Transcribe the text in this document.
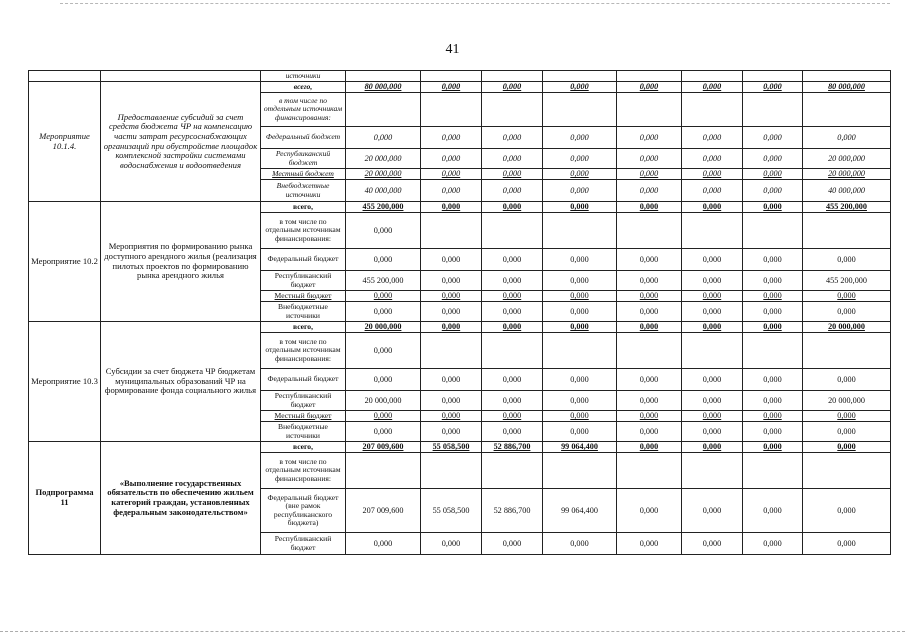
41
		источники								
Мероприятие 10.1.4.	Предоставление субсидий за счет средств бюджета ЧР на компенсацию части затрат ресурсоснабжающих организаций при обустройстве площадок комплексной застройки системами водоснабжения и водоотведения	всего,	80 000,000	0,000	0,000	0,000	0,000	0,000	0,000	80 000,000
		в том числе по отдельным источникам финансирования:								
		Федеральный бюджет	0,000	0,000	0,000	0,000	0,000	0,000	0,000	0,000
		Республиканский бюджет	20 000,000	0,000	0,000	0,000	0,000	0,000	0,000	20 000,000
		Местный бюджет	20 000,000	0,000	0,000	0,000	0,000	0,000	0,000	20 000,000
		Внебюджетные источники	40 000,000	0,000	0,000	0,000	0,000	0,000	0,000	40 000,000
Мероприятие 10.2	Мероприятия по формированию рынка доступного арендного жилья (реализация пилотых проектов по формированию рынка арендного жилья	всего,	455 200,000	0,000	0,000	0,000	0,000	0,000	0,000	455 200,000
		в том числе по отдельным источникам финансирования:	0,000							
		Федеральный бюджет	0,000	0,000	0,000	0,000	0,000	0,000	0,000	0,000
		Республиканский бюджет	455 200,000	0,000	0,000	0,000	0,000	0,000	0,000	455 200,000
		Местный бюджет	0,000	0,000	0,000	0,000	0,000	0,000	0,000	0,000
		Внебюджетные источники	0,000	0,000	0,000	0,000	0,000	0,000	0,000	0,000
Мероприятие 10.3	Субсидии за счет бюджета ЧР бюджетам муниципальных образований ЧР на формирование фонда социального жилья	всего,	20 000,000	0,000	0,000	0,000	0,000	0,000	0,000	20 000,000
		в том числе по отдельным источникам финансирования:	0,000							
		Федеральный бюджет	0,000	0,000	0,000	0,000	0,000	0,000	0,000	0,000
		Республиканский бюджет	20 000,000	0,000	0,000	0,000	0,000	0,000	0,000	20 000,000
		Местный бюджет	0,000	0,000	0,000	0,000	0,000	0,000	0,000	0,000
		Внебюджетные источники	0,000	0,000	0,000	0,000	0,000	0,000	0,000	0,000
Подпрограмма 11	«Выполнение государственных обязательств по обеспечению жильем категорий граждан, установленных федеральным законодательством»	всего,	207 009,600	55 058,500	52 886,700	99 064,400	0,000	0,000	0,000	0,000
		в том числе по отдельным источникам финансирования:								
		Федеральный бюджет (вне рамок республиканского бюджета)	207 009,600	55 058,500	52 886,700	99 064,400	0,000	0,000	0,000	0,000
		Республиканский бюджет	0,000	0,000	0,000	0,000	0,000	0,000	0,000	0,000
